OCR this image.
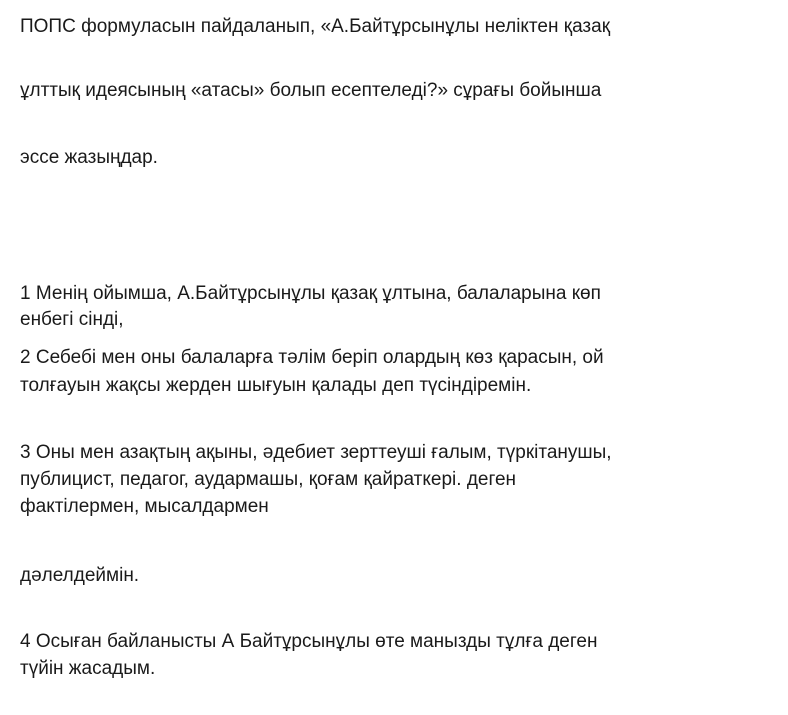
ПОПС формуласын пайдаланып, «А.Байтұрсынұлы неліктен қазақ
ұлттық идеясының «атасы» болып есептеледі?» сұрағы бойынша
эссе жазыңдар.
1 Менің ойымша, А.Байтұрсынұлы қазақ ұлтына, балаларына көп
енбегі сінді,
2 Себебі мен оны балаларға тәлім беріп олардың көз қарасын, ой
толғауын жақсы жерден шығуын қалады деп түсіндіремін.
3 Оны мен азақтың ақыны, әдебиет зерттеуші ғалым, түркітанушы,
публицист, педагог, аудармашы, қоғам қайраткері. деген
фактілермен, мысалдармен
дәлелдеймін.
4 Осыған байланысты А Байтұрсынұлы өте манызды тұлға деген
түйін жасадым.
